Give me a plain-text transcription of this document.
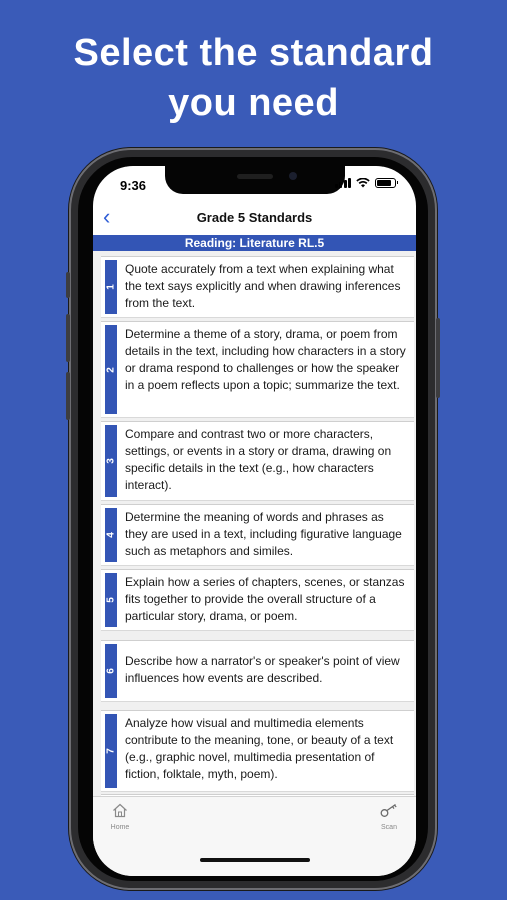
Select the standard
you need
9:36
‹	Grade 5 Standards
Reading: Literature RL.5
1
Quote accurately from a text when explaining what the text says explicitly and when drawing inferences from the text.
2
Determine a theme of a story, drama, or poem from details in the text, including how characters in a story or drama respond to challenges or how the speaker in a poem reflects upon a topic; summarize the text.
3
Compare and contrast two or more characters, settings, or events in a story or drama, drawing on specific details in the text (e.g., how characters interact).
4
Determine the meaning of words and phrases as they are used in a text, including figurative language such as metaphors and similes.
5
Explain how a series of chapters, scenes, or stanzas fits together to provide the overall structure of a particular story, drama, or poem.
6
Describe how a narrator's or speaker's point of view influences how events are described.
7
Analyze how visual and multimedia elements contribute to the meaning, tone, or beauty of a text (e.g., graphic novel, multimedia presentation of fiction, folktale, myth, poem).
Home	Scan
